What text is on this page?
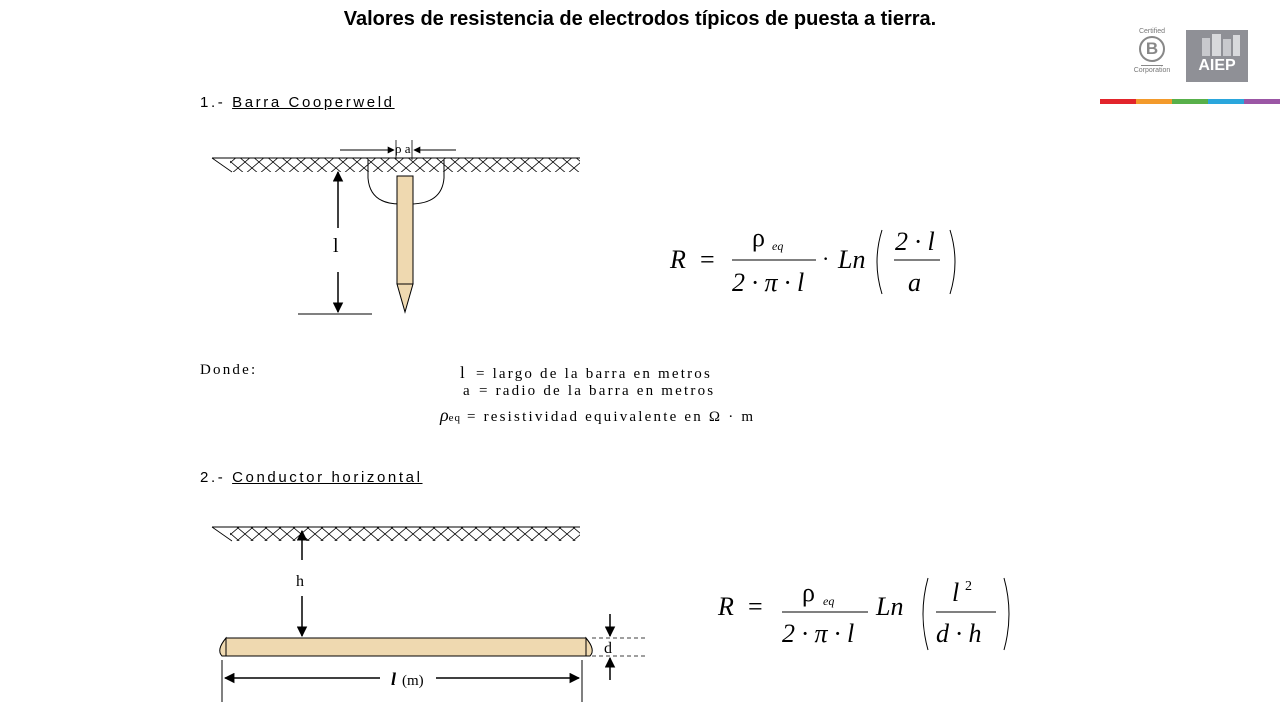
Valores de resistencia de electrodos típicos de puesta a tierra.
Certified
B
Corporation	AIEP
1.- Barra Cooperweld
ρ a
l	R =
ρ eq
2 · π · l
· Ln
2 · l
a
h
d
l (m)
R = ρ eq
2 · π · l
Ln l 2
d · h
Donde:	l = largo de la barra en metros
a = radio de la barra en metros
ρeq = resistividad equivalente en Ω · m
2.- Conductor horizontal
